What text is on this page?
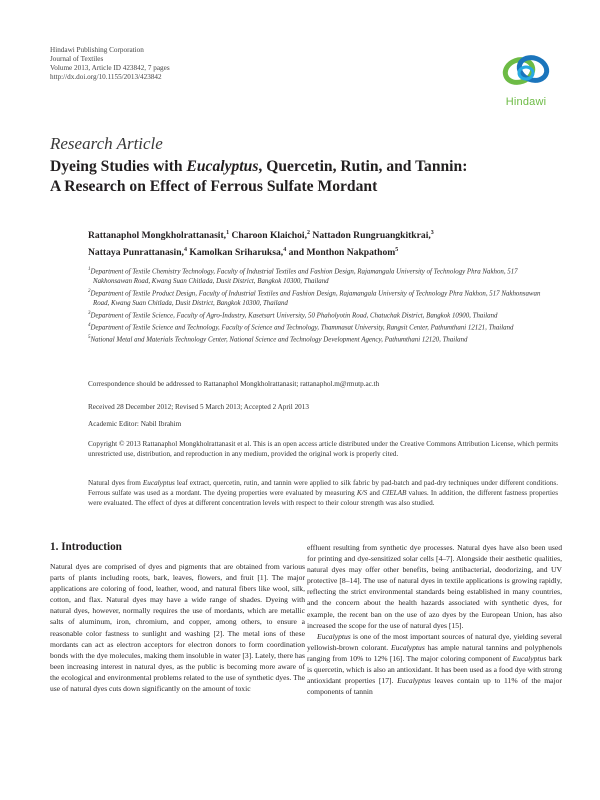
Hindawi Publishing Corporation
Journal of Textiles
Volume 2013, Article ID 423842, 7 pages
http://dx.doi.org/10.1155/2013/423842
Hindawi
Research Article
Dyeing Studies with Eucalyptus, Quercetin, Rutin, and Tannin:
A Research on Effect of Ferrous Sulfate Mordant
Rattanaphol Mongkholrattanasit,$^1$ Charoon Klaichoi,$^2$ Nattadon Rungruangkitkrai,$^3$
Nattaya Punrattanasin,$^4$ Kamolkan Sriharuksa,$^4$ and Monthon Nakpathom$^5$
$^1$Department of Textile Chemistry Technology, Faculty of Industrial Textiles and Fashion Design, Rajamangala University of Technology Phra Nakhon, 517 Nakhonsawan Road, Kwang Suan Chitlada, Dusit District, Bangkok 10300, Thailand
$^2$Department of Textile Product Design, Faculty of Industrial Textiles and Fashion Design, Rajamangala University of Technology Phra Nakhon, 517 Nakhonsawan Road, Kwang Suan Chitlada, Dusit District, Bangkok 10300, Thailand
$^3$Department of Textile Science, Faculty of Agro-Industry, Kasetsart University, 50 Phaholyotin Road, Chatuchak District, Bangkok 10900, Thailand
$^4$Department of Textile Science and Technology, Faculty of Science and Technology, Thammasat University, Rangsit Center, Pathumthani 12121, Thailand
$^5$National Metal and Materials Technology Center, National Science and Technology Development Agency, Pathumthani 12120, Thailand
Correspondence should be addressed to Rattanaphol Mongkholrattanasit; rattanaphol.m@rmutp.ac.th
Received 28 December 2012; Revised 5 March 2013; Accepted 2 April 2013
Academic Editor: Nabil Ibrahim
Copyright © 2013 Rattanaphol Mongkholrattanasit et al. This is an open access article distributed under the Creative Commons Attribution License, which permits unrestricted use, distribution, and reproduction in any medium, provided the original work is properly cited.
Natural dyes from Eucalyptus leaf extract, quercetin, rutin, and tannin were applied to silk fabric by pad-batch and pad-dry techniques under different conditions. Ferrous sulfate was used as a mordant. The dyeing properties were evaluated by measuring K/S and CIELAB values. In addition, the different fastness properties were evaluated. The effect of dyes at different concentration levels with respect to their colour strength was also studied.
1. Introduction

Natural dyes are comprised of dyes and pigments that are obtained from various parts of plants including roots, bark, leaves, flowers, and fruit [1]. The major applications are coloring of food, leather, wood, and natural fibers like wool, silk, cotton, and flax. Natural dyes may have a wide range of shades. Dyeing with natural dyes, however, normally requires the use of mordants, which are metallic salts of aluminum, iron, chromium, and copper, among others, to ensure a reasonable color fastness to sunlight and washing [2]. The metal ions of these mordants can act as electron acceptors for electron donors to form coordination bonds with the dye molecules, making them insoluble in water [3]. Lately, there has been increasing interest in natural dyes, as the public is becoming more aware of the ecological and environmental problems related to the use of synthetic dyes. The use of natural dyes cuts down significantly on the amount of toxic

effluent resulting from synthetic dye processes. Natural dyes have also been used for printing and dye-sensitized solar cells [4–7]. Alongside their aesthetic qualities, natural dyes may offer other benefits, being antibacterial, deodorizing, and UV protective [8–14]. The use of natural dyes in textile applications is growing rapidly, reflecting the strict environmental standards being established in many countries, and the concern about the health hazards associated with synthetic dyes, for example, the recent ban on the use of azo dyes by the European Union, has also increased the scope for the use of natural dyes [15].

Eucalyptus is one of the most important sources of natural dye, yielding several yellowish-brown colorant. Eucalyptus has ample natural tannins and polyphenols ranging from 10% to 12% [16]. The major coloring component of Eucalyptus bark is quercetin, which is also an antioxidant. It has been used as a food dye with strong antioxidant properties [17]. Eucalyptus leaves contain up to 11% of the major components of tannin
